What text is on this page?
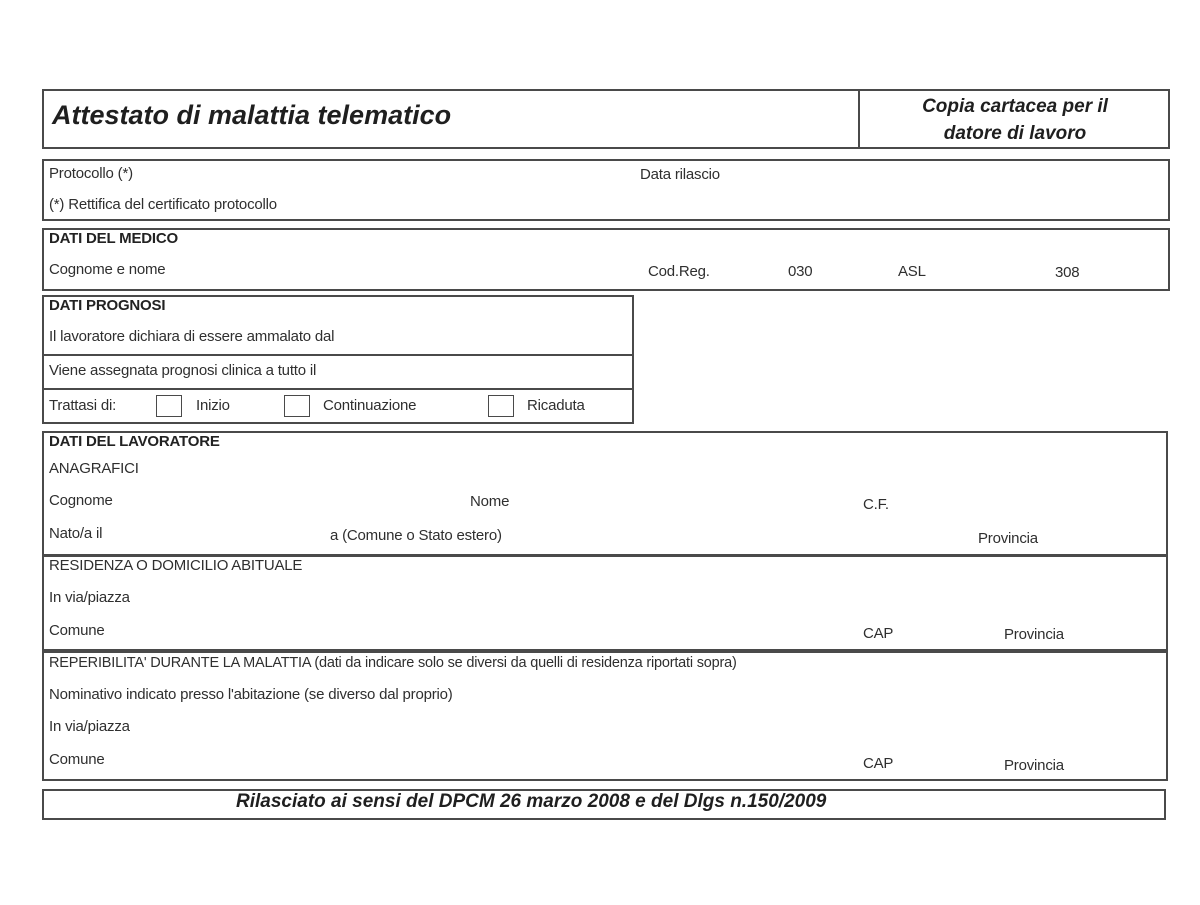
Attestato di malattia telematico	Copia cartacea per il
datore di lavoro
Protocollo (*)	Data rilascio
(*) Rettifica del certificato protocollo
DATI DEL MEDICO
Cognome e nome	Cod.Reg.	030	ASL	308
DATI PROGNOSI
Il lavoratore dichiara di essere ammalato dal
Viene assegnata prognosi clinica a tutto il
Trattasi di:	Inizio	Continuazione	Ricaduta
DATI DEL LAVORATORE
ANAGRAFICI
Cognome	Nome	C.F.
Nato/a il	a (Comune o Stato estero)	Provincia
RESIDENZA O DOMICILIO ABITUALE
In via/piazza
Comune	CAP	Provincia
REPERIBILITA' DURANTE LA MALATTIA (dati da indicare solo se diversi da quelli di residenza riportati sopra)
Nominativo indicato presso l'abitazione (se diverso dal proprio)
In via/piazza
Comune	CAP	Provincia
Rilasciato ai sensi del DPCM 26 marzo 2008 e del Dlgs n.150/2009
